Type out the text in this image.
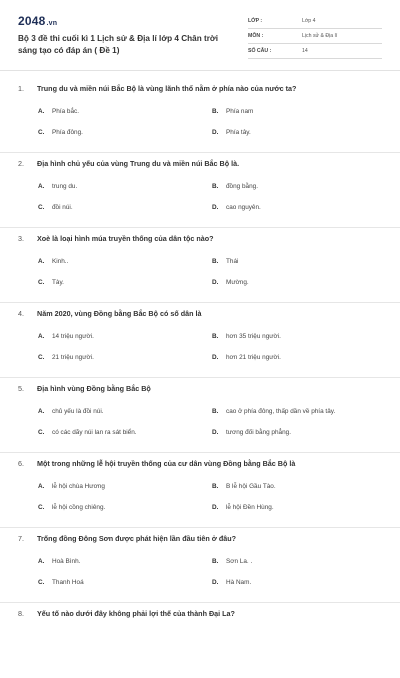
2048.vn
Bộ 3 đề thi cuối kì 1 Lịch sử & Địa lí lớp 4 Chân trời sáng tạo có đáp án ( Đề 1)
LỚP :	Lớp 4
MÔN :	Lịch sử & Địa lí
SỐ CÂU :	14
1. Trung du và miền núi Bắc Bộ là vùng lãnh thổ nằm ở phía nào của nước ta?
A. Phía bắc.	B. Phía nam
C. Phía đông.	D. Phía tây.
2. Địa hình chủ yếu của vùng Trung du và miền núi Bắc Bộ là.
A. trung du.	B. đồng bằng.
C. đồi núi.	D. cao nguyên.
3. Xoè là loại hình múa truyền thống của dân tộc nào?
A. Kinh..	B. Thái
C. Tày.	D. Mường.
4. Năm 2020, vùng Đồng bằng Bắc Bộ có số dân là
A. 14 triệu người.	B. hơn 35 triệu người.
C. 21 triệu người.	D. hơn 21 triệu người.
5. Địa hình vùng Đồng bằng Bắc Bộ
A. chủ yếu là đồi núi.	B. cao ở phía đông, thấp dần về phía tây.
C. có các dãy núi lan ra sát biển.	D. tương đối bằng phẳng.
6. Một trong những lễ hội truyền thống của cư dân vùng Đồng bằng Bắc Bộ là
A. lễ hội chùa Hương	B. B lễ hội Gầu Tào.
C. lễ hội cồng chiêng.	D. lễ hội Đền Hùng.
7. Trống đồng Đông Sơn được phát hiện lần đầu tiên ở đâu?
A. Hoà Bình.	B. Sơn La. .
C. Thanh Hoá	D. Hà Nam.
8. Yếu tố nào dưới đây không phải lợi thế của thành Đại La?
